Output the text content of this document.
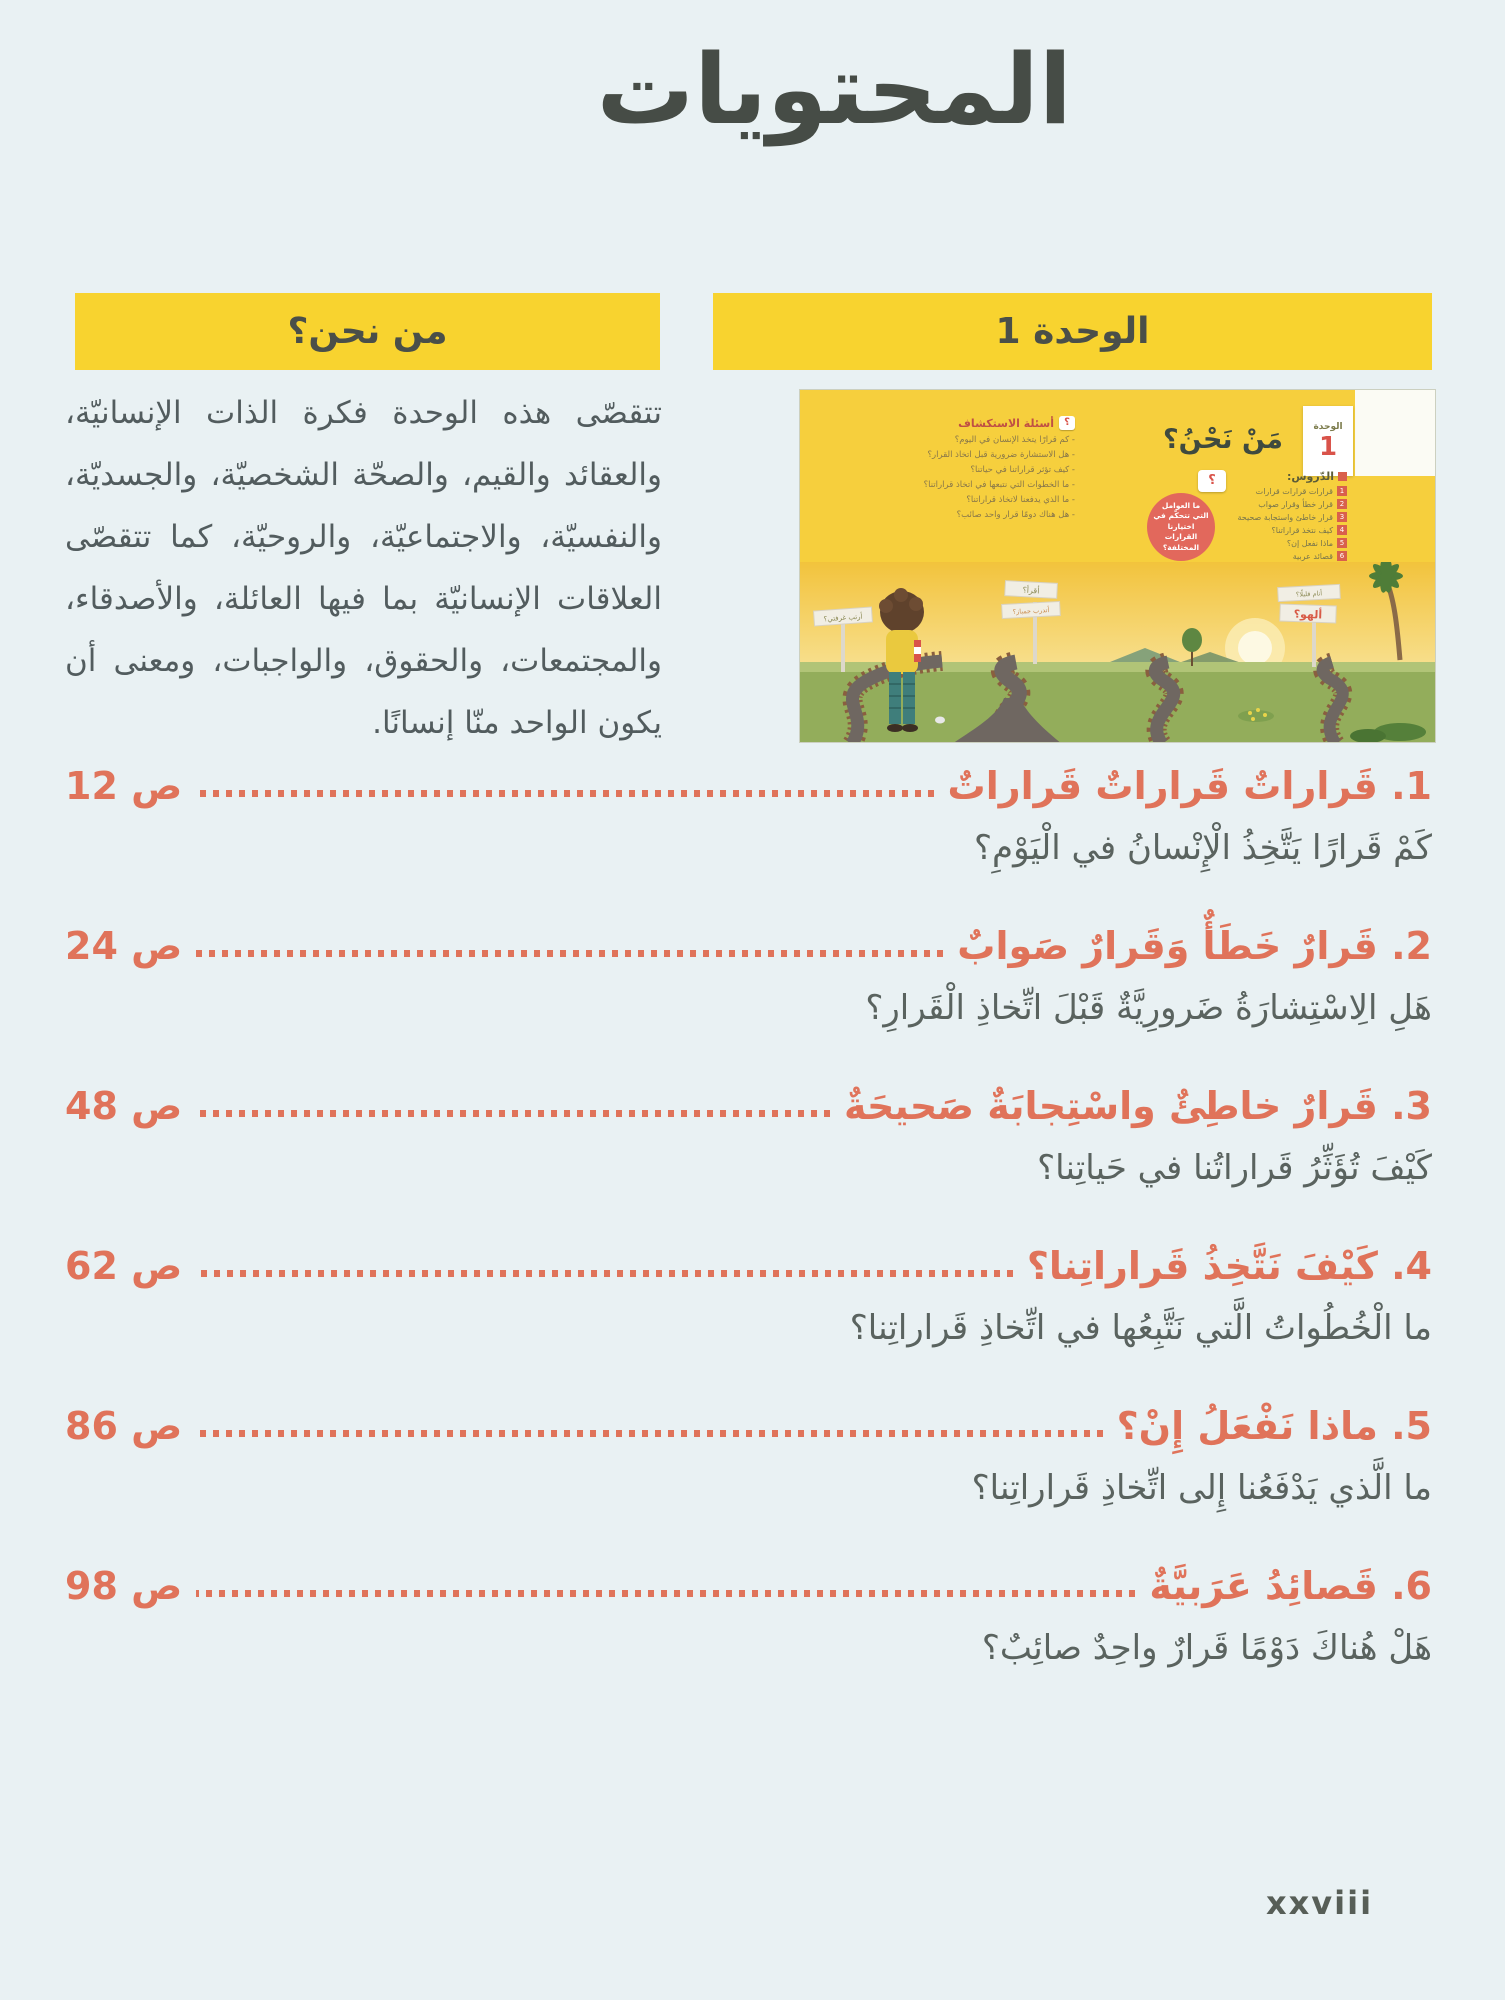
المحتويات
الوحدة 1
من نحن؟

تتقصّى هذه الوحدة فكرة الذات الإنسانيّة، والعقائد والقيم، والصحّة الشخصيّة، والجسديّة، والنفسيّة، والاجتماعيّة، والروحيّة، كما تتقصّى العلاقات الإنسانيّة بما فيها العائلة، والأصدقاء، والمجتمعات، والحقوق، والواجبات، ومعنى أن يكون الواحد منّا إنسانًا.

الوحدة
1
مَنْ نَحْنُ؟
الدّروس:
1
قرارات قرارات قرارات
2
قرار خطأ وقرار صواب
3
قرار خاطئ واستجابة صحيحة
4
كيف نتخذ قراراتنا؟
5
ماذا نفعل إن؟
6
قصائد عربية
؟
أسئلة الاستكشاف
- كم قرارًا يتخذ الإنسان في اليوم؟
- هل الاستشارة ضرورية قبل اتخاذ القرار؟
- كيف تؤثر قراراتنا في حياتنا؟
- ما الخطوات التي نتبعها في اتخاذ قراراتنا؟
- ما الذي يدفعنا لاتخاذ قراراتنا؟
- هل هناك دومًا قرار واحد صائب؟
ما العوامل التي تتحكّم في اختيارنا القرارات المختلفة؟
؟
أرتب غرفتي؟
أقرأ؟
أتدرب جمباز؟
أنام قليلًا؟
ألهو؟
1. قَراراتٌ قَراراتٌ قَراراتٌ
ص 12
كَمْ قَرارًا يَتَّخِذُ الْإِنْسانُ في الْيَوْمِ؟
2. قَرارٌ خَطَأٌ وَقَرارٌ صَوابٌ
ص 24
هَلِ الِاسْتِشارَةُ ضَرورِيَّةٌ قَبْلَ اتِّخاذِ الْقَرارِ؟
3. قَرارٌ خاطِئٌ واسْتِجابَةٌ صَحيحَةٌ
ص 48
كَيْفَ تُؤَثِّرُ قَراراتُنا في حَياتِنا؟
4. كَيْفَ نَتَّخِذُ قَراراتِنا؟
ص 62
ما الْخُطُواتُ الَّتي نَتَّبِعُها في اتِّخاذِ قَراراتِنا؟
5. ماذا نَفْعَلُ إِنْ؟
ص 86
ما الَّذي يَدْفَعُنا إِلى اتِّخاذِ قَراراتِنا؟
6. قَصائِدُ عَرَبيَّةٌ
ص 98
هَلْ هُناكَ دَوْمًا قَرارٌ واحِدٌ صائِبٌ؟
xxviii
